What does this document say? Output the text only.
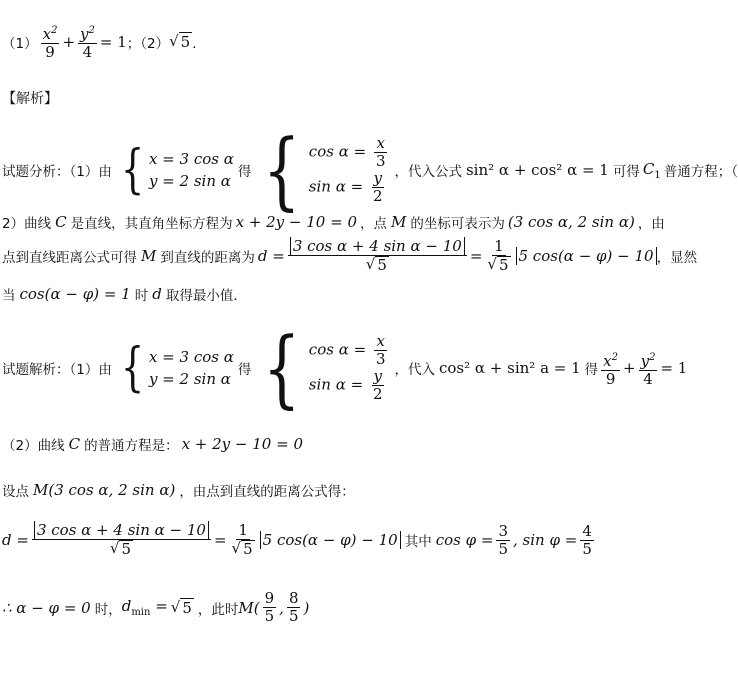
$(1) \frac{x^2}{9} + \frac{y^2}{4} = 1$ ；（2） √ 5 ．
【解析】
试题分析：（1）由 { x = 3 cos α
y = 2 sin α 得 { $\cos \alpha = \frac{x}{3}$
$\sin \alpha = \frac{y}{2}$ ，代入公式 sin² α + cos² α = 1 可得 $C_1$ 普通方程；（
2）曲线 C 是直线，其直角坐标方程为 x + 2y − 10 = 0 ，点 M 的坐标可表示为 (3 cos α, 2 sin α) ，由
点到直线距离公式可得 M 到直线的距离为 $d = \frac{\text{3 cos α + 4 sin α − 10}}{√ 5} = \frac{1}{√ 5} 5$ cos(α − φ) − 10 ，显然
当 cos(α − φ) = 1 时 d 取得最小值．
试题解析：（1）由 { x = 3 cos α
y = 2 sin α 得 { $\cos \alpha = \frac{x}{3}$
$\sin \alpha = \frac{y}{2}$ ，代入 cos² α + sin² a = 1 得 $\frac{x^2}{9} + \frac{y^2}{4} = 1$
（2）曲线 C 的普通方程是： x + 2y − 10 = 0
设点 M(3 cos α, 2 sin α) ，由点到直线的距离公式得：
$d = \frac{\text{3 cos α + 4 sin α − 10}}{√ 5} = \frac{1}{√ 5} 5$ cos(α − φ) − 10 其中 $\cos \varphi = \frac{3}{5}$ , $\sin \varphi = \frac{4}{5}$
∴ α − φ = 0 时， $d_{min}$ = √ 5 ，此时 $M( \frac{9}{5}$ , $\frac{8}{5}$ )
